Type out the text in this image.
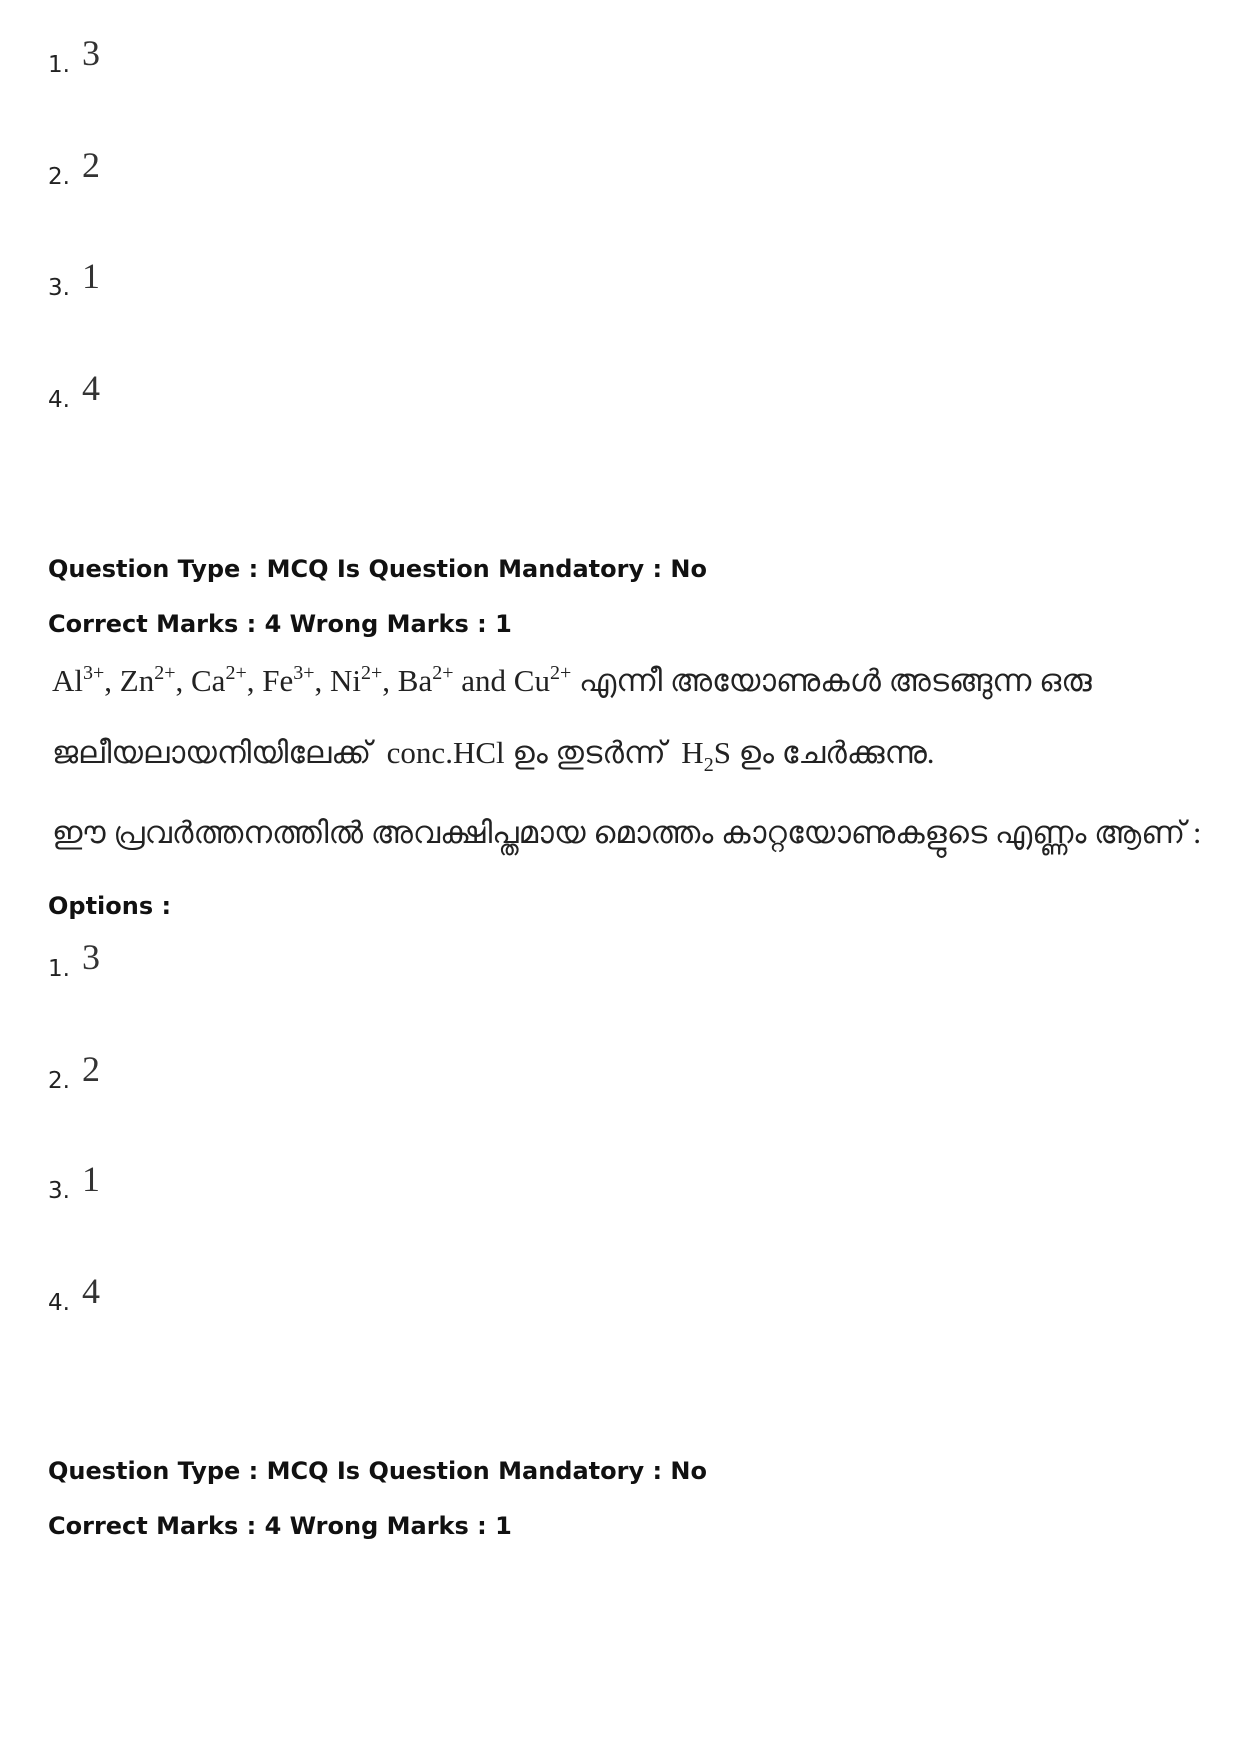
1. 3
2. 2
3. 1
4. 4
Question Type : MCQ Is Question Mandatory : No
Correct Marks : 4 Wrong Marks : 1
$Al^{3+}$, $Zn^{2+}$, $Ca^{2+}$, $Fe^{3+}$, $Ni^{2+}$, $Ba^{2+}$ and $Cu^{2+}$ എന്നീ അയോണുകൾ അടങ്ങുന്ന ഒരു
ജലീയലായനിയിലേക്ക്  conc.HCl ഉം തുടർന്ന്  $H_2S$ ഉം ചേർക്കുന്നു.
ഈ പ്രവർത്തനത്തിൽ അവക്ഷിപ്തമായ മൊത്തം കാറ്റയോണുകളുടെ എണ്ണം ആണ് :
Options :
1. 3
2. 2
3. 1
4. 4
Question Type : MCQ Is Question Mandatory : No
Correct Marks : 4 Wrong Marks : 1
